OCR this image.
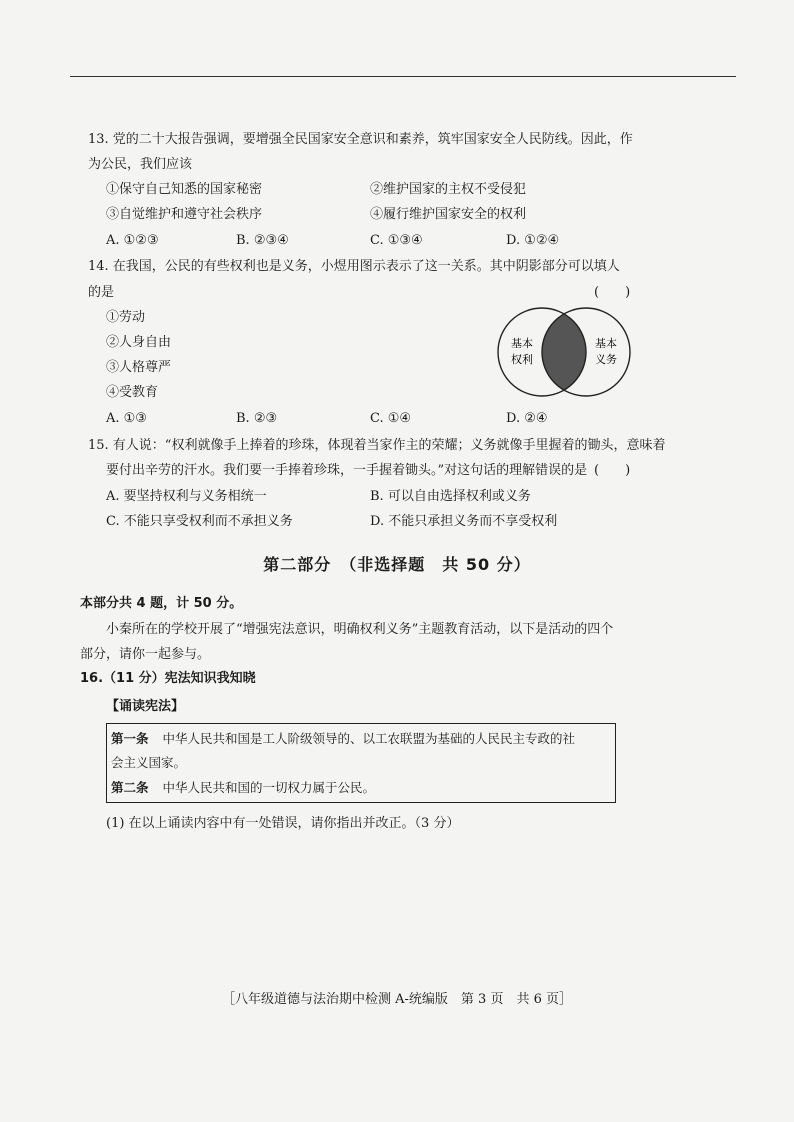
13. 党的二十大报告强调，要增强全民国家安全意识和素养，筑牢国家安全人民防线。因此，作
为公民，我们应该
①保守自己知悉的国家秘密	②维护国家的主权不受侵犯
③自觉维护和遵守社会秩序	④履行维护国家安全的权利
A. ①②③	B. ②③④	C. ①③④	D. ①②④
14. 在我国，公民的有些权利也是义务，小煜用图示表示了这一关系。其中阴影部分可以填人
的是	(　　)
①劳动
②人身自由
③人格尊严
④受教育
A. ①③	B. ②③	C. ①④	D. ②④
基本
权利
基本
义务
15. 有人说：“权利就像手上捧着的珍珠，体现着当家作主的荣耀；义务就像手里握着的锄头，意味着
要付出辛劳的汗水。我们要一手捧着珍珠，一手握着锄头。”对这句话的理解错误的是 (　　)
A. 要坚持权利与义务相统一	B. 可以自由选择权利或义务
C. 不能只享受权利而不承担义务	D. 不能只承担义务而不享受权利
第二部分　（非选择题　共 50 分）
本部分共 4 题，计 50 分。
小秦所在的学校开展了“增强宪法意识，明确权利义务”主题教育活动，以下是活动的四个
部分，请你一起参与。
16.（11 分）宪法知识我知晓
【诵读宪法】
第一条 中华人民共和国是工人阶级领导的、以工农联盟为基础的人民民主专政的社
会主义国家。
第二条 中华人民共和国的一切权力属于公民。
(1) 在以上诵读内容中有一处错误，请你指出并改正。（3 分）
［八年级道德与法治期中检测 A-统编版　第 3 页　共 6 页］
